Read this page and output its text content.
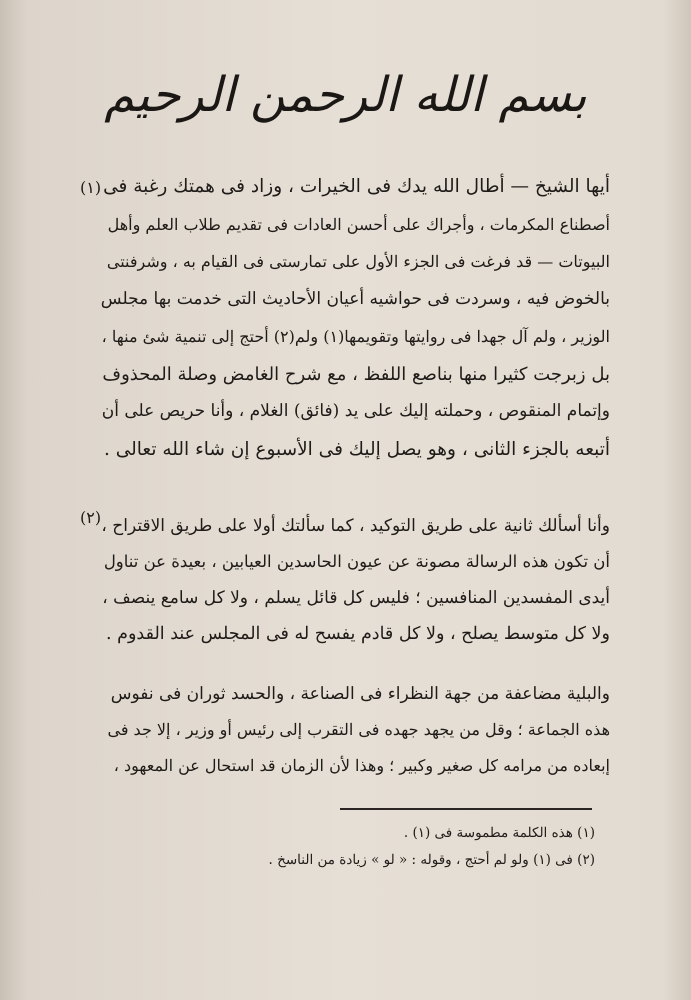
بسم الله الرحمن الرحيم
(١) أيها الشيخ — أطال الله يدك فى الخيرات ، وزاد فى همتك رغبة فى
أصطناع المكرمات ، وأجراك على أحسن العادات فى تقديم طلاب العلم وأهل
البيوتات — قد فرغت فى الجزء الأول على تمارستى فى القيام به ، وشرفنتى
بالخوض فيه ، وسردت فى حواشيه أعيان الأحاديث التى خدمت بها مجلس
الوزير ، ولم آل جهدا فى روايتها وتقويمها(١) ولم(٢) أحتج إلى تنمية شئ منها ،
بل زبرجت كثيرا منها بناصع اللفظ ، مع شرح الغامض وصلة المحذوف
وإتمام المنقوص ، وحملته إليك على يد (فائق) الغلام ، وأنا حريص على أن
أتبعه بالجزء الثانى ، وهو يصل إليك فى الأسبوع إن شاء الله تعالى .
(٢) وأنا أسألك ثانية على طريق التوكيد ، كما سألتك أولا على طريق الاقتراح ،
أن تكون هذه الرسالة مصونة عن عيون الحاسدين العيابين ، بعيدة عن تناول
أيدى المفسدين المنافسين ؛ فليس كل قائل يسلم ، ولا كل سامع ينصف ،
ولا كل متوسط يصلح ، ولا كل قادم يفسح له فى المجلس عند القدوم .
والبلية مضاعفة من جهة النظراء فى الصناعة ، والحسد ثوران فى نفوس
هذه الجماعة ؛ وقل من يجهد جهده فى التقرب إلى رئيس أو وزير ، إلا جد فى
إبعاده من مرامه كل صغير وكبير ؛ وهذا لأن الزمان قد استحال عن المعهود ،
(١) هذه الكلمة مطموسة فى (١) .
(٢) فى (١) ولو لم أحتج ، وقوله : « لو » زيادة من الناسخ .
